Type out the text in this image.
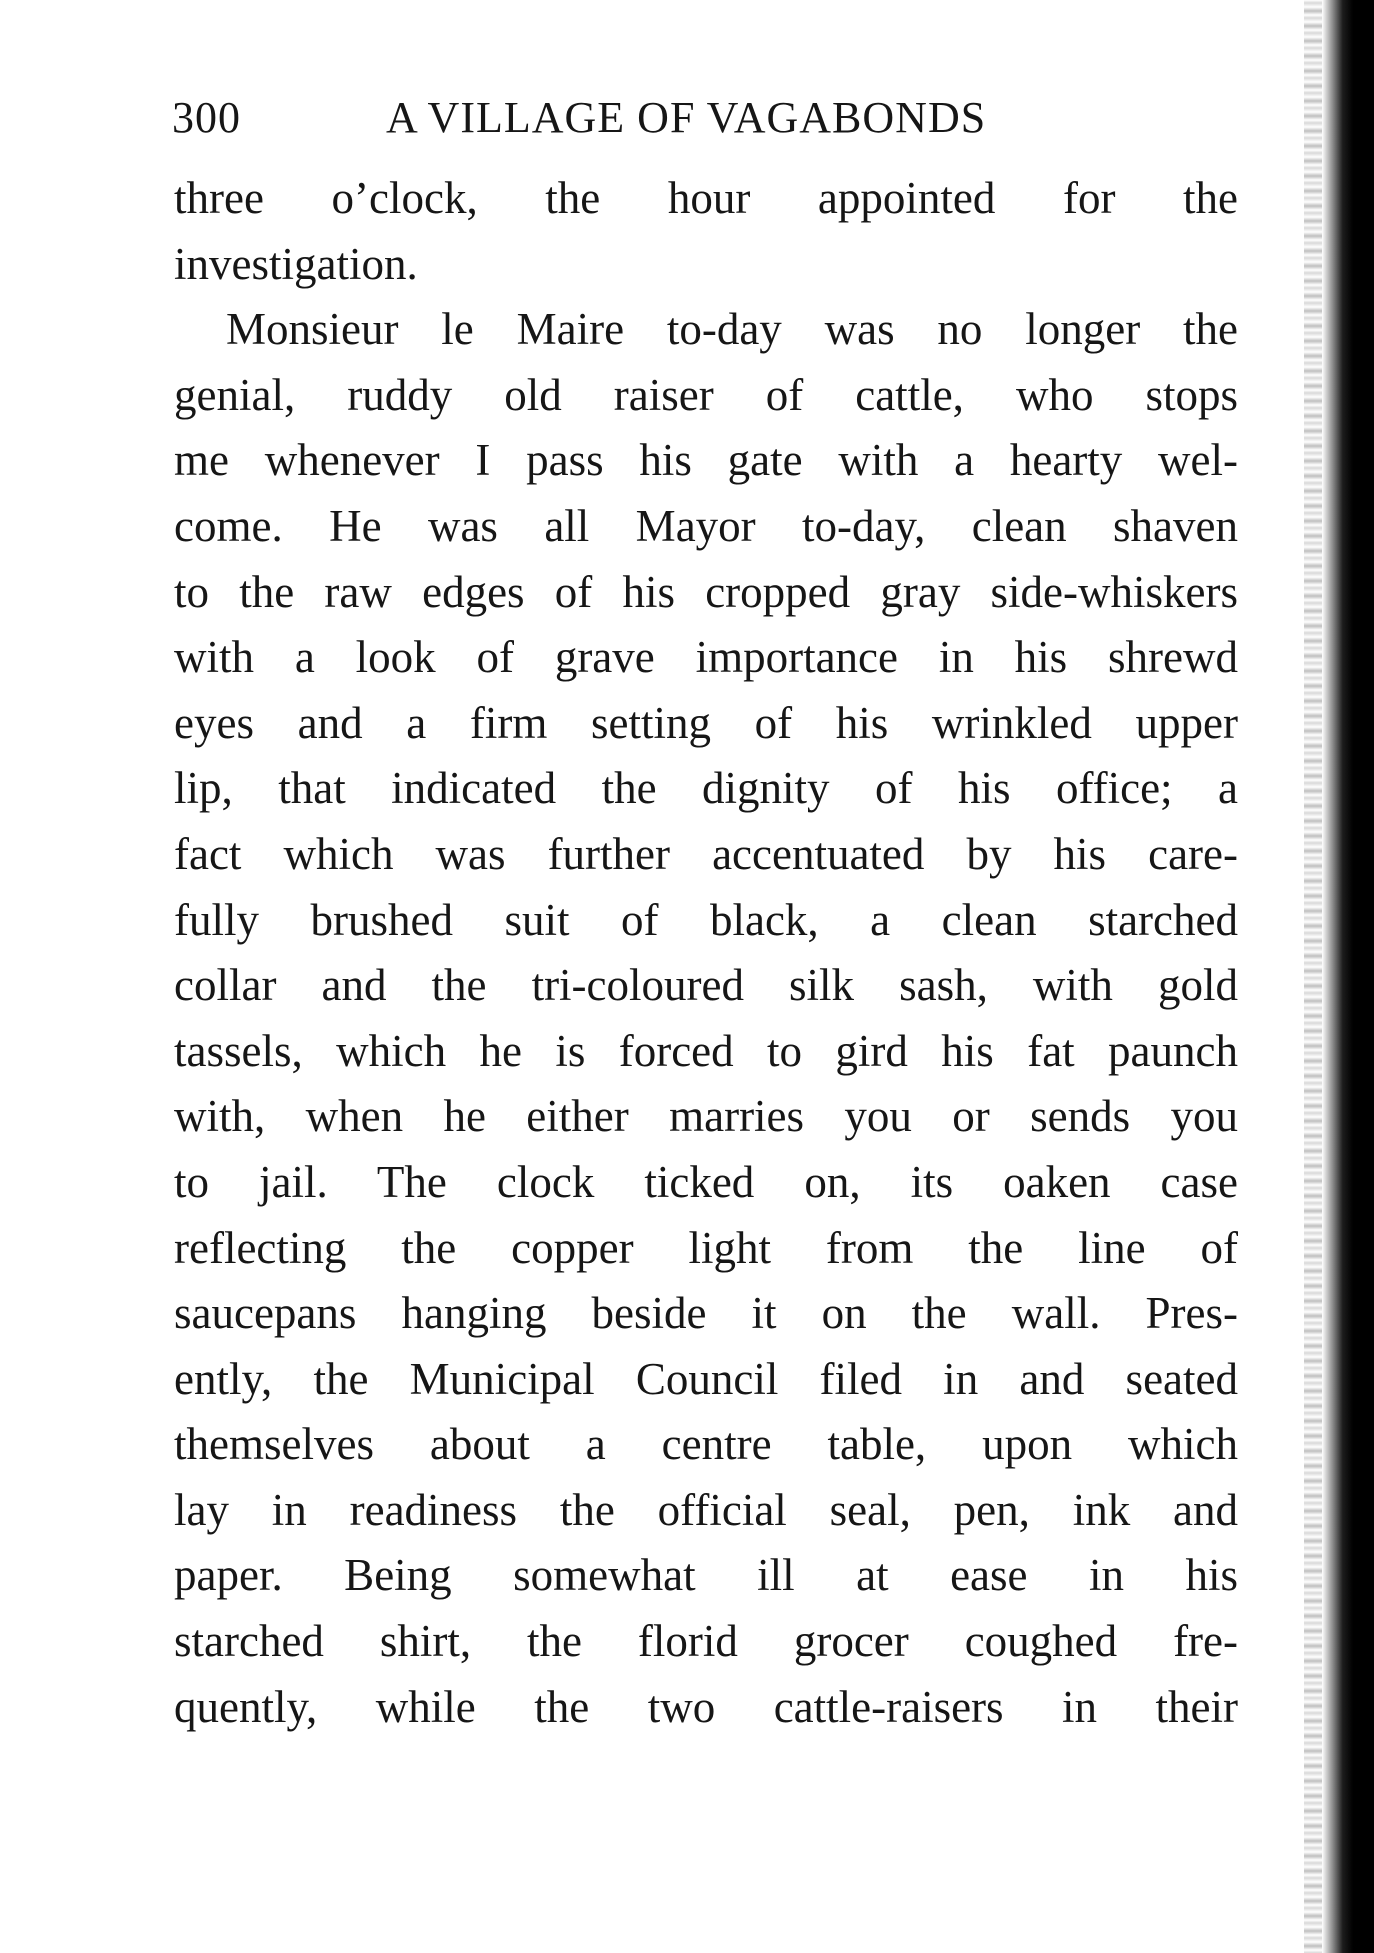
300	A VILLAGE OF VAGABONDS
three o’clock, the hour appointed for the
investigation.
Monsieur le Maire to-day was no longer the
genial, ruddy old raiser of cattle, who stops
me whenever I pass his gate with a hearty wel-
come. He was all Mayor to-day, clean shaven
to the raw edges of his cropped gray side-whiskers
with a look of grave importance in his shrewd
eyes and a firm setting of his wrinkled upper
lip, that indicated the dignity of his office; a
fact which was further accentuated by his care-
fully brushed suit of black, a clean starched
collar and the tri-coloured silk sash, with gold
tassels, which he is forced to gird his fat paunch
with, when he either marries you or sends you
to jail. The clock ticked on, its oaken case
reflecting the copper light from the line of
saucepans hanging beside it on the wall. Pres-
ently, the Municipal Council filed in and seated
themselves about a centre table, upon which
lay in readiness the official seal, pen, ink and
paper. Being somewhat ill at ease in his
starched shirt, the florid grocer coughed fre-
quently, while the two cattle-raisers in their
